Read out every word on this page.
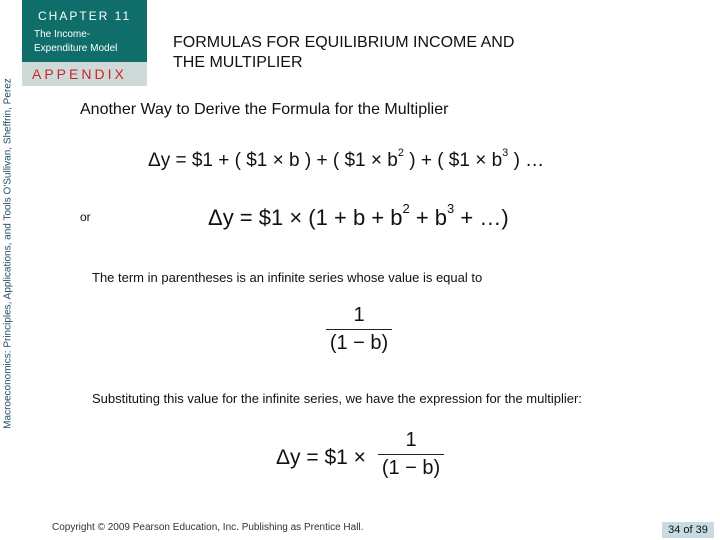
CHAPTER 11
The Income-
Expenditure Model
APPENDIX
Macroeconomics: Principles, Applications, and Tools O'Sullivan, Sheffrin, Perez
FORMULAS FOR EQUILIBRIUM INCOME AND
THE MULTIPLIER
Another Way to Derive the Formula for the Multiplier
Δy = $1 + ( $1 × b ) + ( $1 × $b^2$ ) + ( $1 × $b^3$ ) …
or	Δy = $1 × ($1 + b + b^2 + b^3$ + …)
The term in parentheses is an infinite series whose value is equal to
1
(1 − b)
Substituting this value for the infinite series, we have the expression for the multiplier:
Δy = $1 ×
1
(1 − b)
Copyright © 2009 Pearson Education, Inc. Publishing as Prentice Hall.	34 of 39
